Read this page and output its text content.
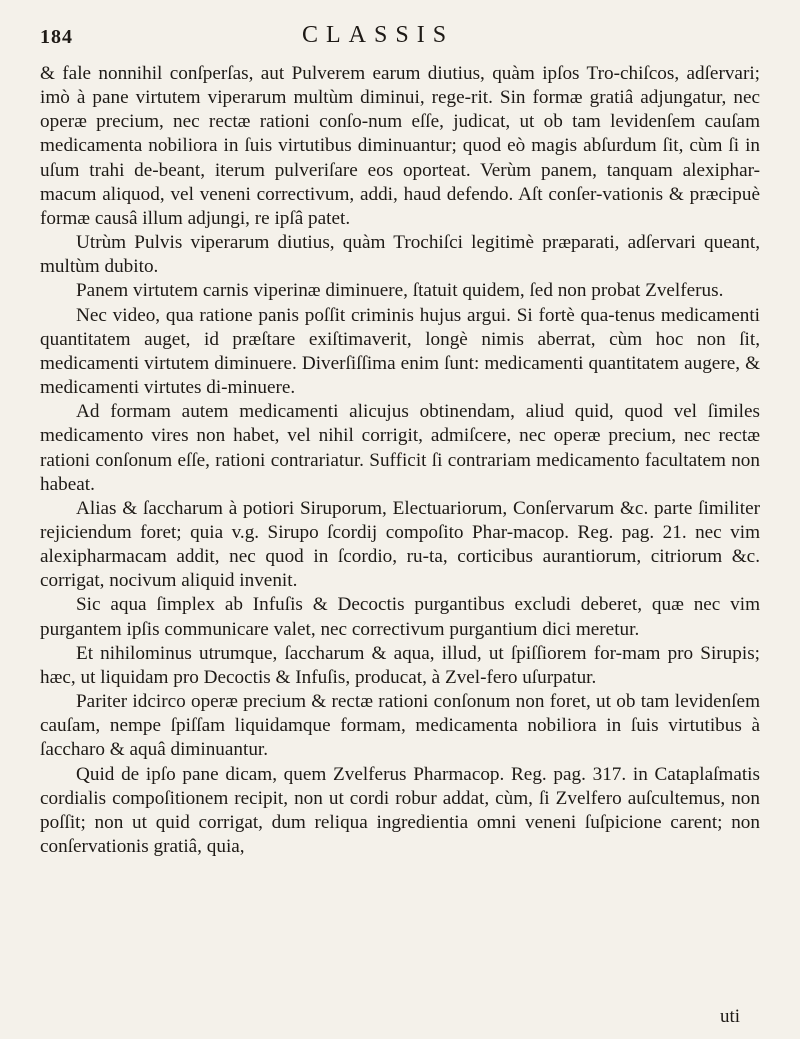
184	CLASSIS

& fale nonnihil conſperſas, aut Pulverem earum diutius, quàm ipſos Tro-chiſcos, adſervari; imò à pane virtutem viperarum multùm diminui, rege-rit. Sin formæ gratiâ adjungatur, nec operæ precium, nec rectæ rationi conſo-num eſſe, judicat, ut ob tam levidenſem cauſam medicamenta nobiliora in ſuis virtutibus diminuantur; quod eò magis abſurdum ſit, cùm ſi in uſum trahi de-beant, iterum pulveriſare eos oporteat. Verùm panem, tanquam alexiphar-macum aliquod, vel veneni correctivum, addi, haud defendo. Aſt conſer-vationis & præcipuè formæ causâ illum adjungi, re ipſâ patet.

Utrùm Pulvis viperarum diutius, quàm Trochiſci legitimè præparati, adſervari queant, multùm dubito.

Panem virtutem carnis viperinæ diminuere, ſtatuit quidem, ſed non probat Zvelferus.

Nec video, qua ratione panis poſſit criminis hujus argui. Si fortè qua-tenus medicamenti quantitatem auget, id præſtare exiſtimaverit, longè nimis aberrat, cùm hoc non ſit, medicamenti virtutem diminuere. Diverſiſſima enim ſunt: medicamenti quantitatem augere, & medicamenti virtutes di-minuere.

Ad formam autem medicamenti alicujus obtinendam, aliud quid, quod vel ſimiles medicamento vires non habet, vel nihil corrigit, admiſcere, nec operæ precium, nec rectæ rationi conſonum eſſe, rationi contrariatur. Sufficit ſi contrariam medicamento facultatem non habeat.

Alias & ſaccharum à potiori Siruporum, Electuariorum, Conſervarum &c. parte ſimiliter rejiciendum foret; quia v.g. Sirupo ſcordij compoſito Phar-macop. Reg. pag. 21. nec vim alexipharmacam addit, nec quod in ſcordio, ru-ta, corticibus aurantiorum, citriorum &c. corrigat, nocivum aliquid invenit.

Sic aqua ſimplex ab Infuſis & Decoctis purgantibus excludi deberet, quæ nec vim purgantem ipſis communicare valet, nec correctivum purgantium dici meretur.

Et nihilominus utrumque, ſaccharum & aqua, illud, ut ſpiſſiorem for-mam pro Sirupis; hæc, ut liquidam pro Decoctis & Infuſis, producat, à Zvel-fero uſurpatur.

Pariter idcirco operæ precium & rectæ rationi conſonum non foret, ut ob tam levidenſem cauſam, nempe ſpiſſam liquidamque formam, medicamenta nobiliora in ſuis virtutibus à ſaccharo & aquâ diminuantur.

Quid de ipſo pane dicam, quem Zvelferus Pharmacop. Reg. pag. 317. in Cataplaſmatis cordialis compoſitionem recipit, non ut cordi robur addat, cùm, ſi Zvelfero auſcultemus, non poſſit; non ut quid corrigat, dum reliqua ingredientia omni veneni ſuſpicione carent; non conſervationis gratiâ, quia,

uti
